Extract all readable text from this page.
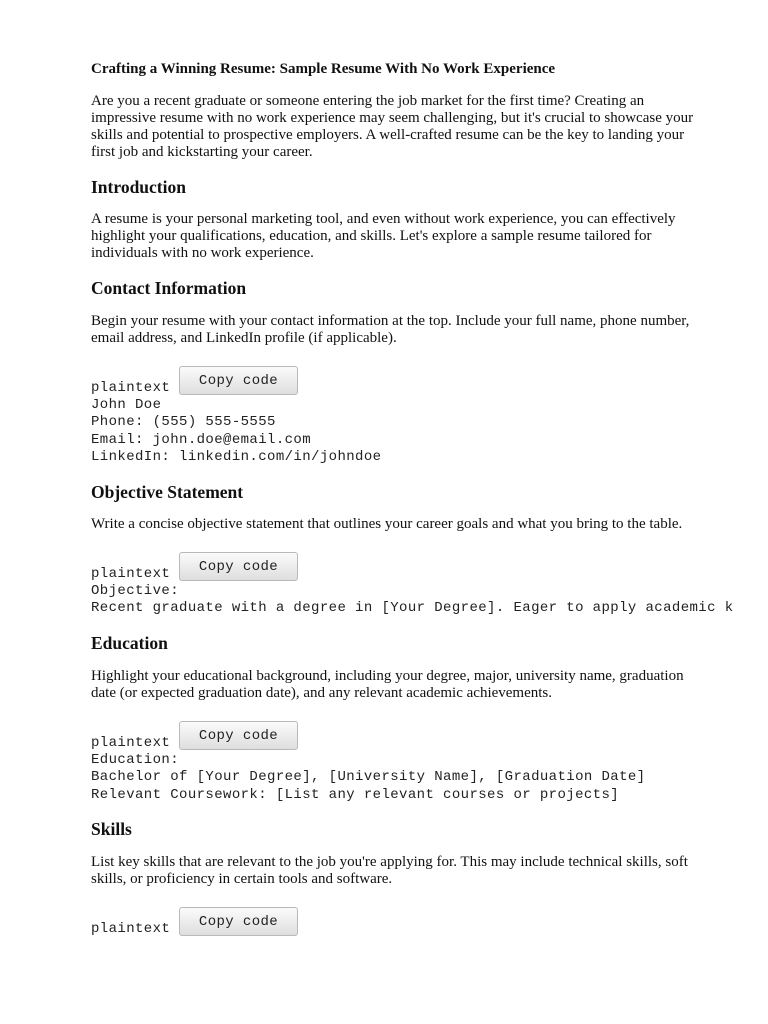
Crafting a Winning Resume: Sample Resume With No Work Experience
Are you a recent graduate or someone entering the job market for the first time? Creating an
impressive resume with no work experience may seem challenging, but it's crucial to showcase your
skills and potential to prospective employers. A well-crafted resume can be the key to landing your
first job and kickstarting your career.
Introduction
A resume is your personal marketing tool, and even without work experience, you can effectively
highlight your qualifications, education, and skills. Let's explore a sample resume tailored for
individuals with no work experience.
Contact Information
Begin your resume with your contact information at the top. Include your full name, phone number,
email address, and LinkedIn profile (if applicable).
plaintext	Copy code
John Doe
Phone: (555) 555-5555
Email: john.doe@email.com
LinkedIn: linkedin.com/in/johndoe
Objective Statement
Write a concise objective statement that outlines your career goals and what you bring to the table.
plaintext	Copy code
Objective:
Recent graduate with a degree in [Your Degree]. Eager to apply academic k
Education
Highlight your educational background, including your degree, major, university name, graduation
date (or expected graduation date), and any relevant academic achievements.
plaintext	Copy code
Education:
Bachelor of [Your Degree], [University Name], [Graduation Date]
Relevant Coursework: [List any relevant courses or projects]
Skills
List key skills that are relevant to the job you're applying for. This may include technical skills, soft
skills, or proficiency in certain tools and software.
plaintext	Copy code
